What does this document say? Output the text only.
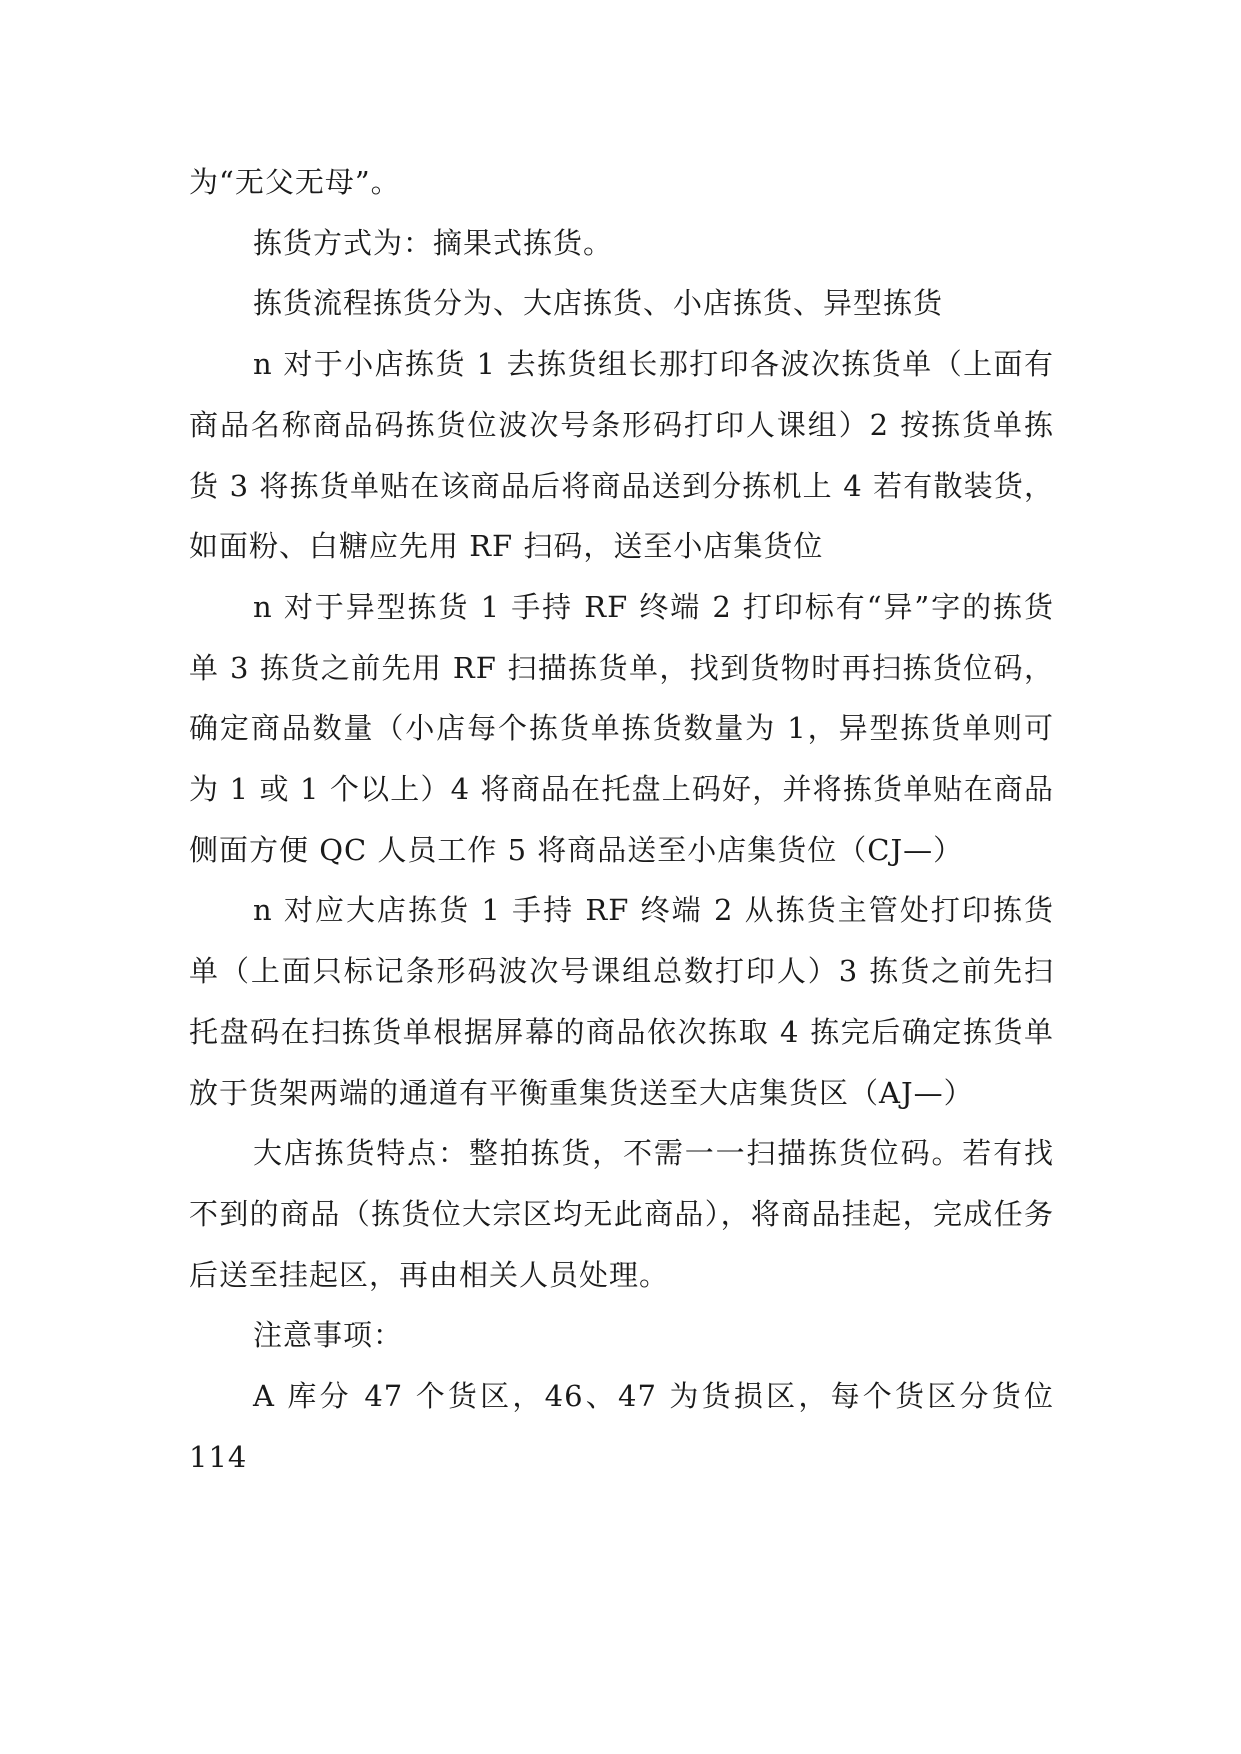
为“无父无母”。

拣货方式为：摘果式拣货。

拣货流程拣货分为、大店拣货、小店拣货、异型拣货

n 对于小店拣货 1 去拣货组长那打印各波次拣货单（上面有商品名称商品码拣货位波次号条形码打印人课组）2 按拣货单拣货 3 将拣货单贴在该商品后将商品送到分拣机上 4 若有散装货，如面粉、白糖应先用 RF 扫码，送至小店集货位

n 对于异型拣货 1 手持 RF 终端 2 打印标有“异”字的拣货单 3 拣货之前先用 RF 扫描拣货单，找到货物时再扫拣货位码，确定商品数量（小店每个拣货单拣货数量为 1，异型拣货单则可为 1 或 1 个以上）4 将商品在托盘上码好，并将拣货单贴在商品侧面方便 QC 人员工作 5 将商品送至小店集货位（CJ—）

n 对应大店拣货 1 手持 RF 终端 2 从拣货主管处打印拣货单（上面只标记条形码波次号课组总数打印人）3 拣货之前先扫托盘码在扫拣货单根据屏幕的商品依次拣取 4 拣完后确定拣货单放于货架两端的通道有平衡重集货送至大店集货区（AJ—）

大店拣货特点：整拍拣货，不需一一扫描拣货位码。若有找不到的商品（拣货位大宗区均无此商品），将商品挂起，完成任务后送至挂起区，再由相关人员处理。

注意事项：

A 库分 47 个货区，46、47 为货损区，每个货区分货位 114
